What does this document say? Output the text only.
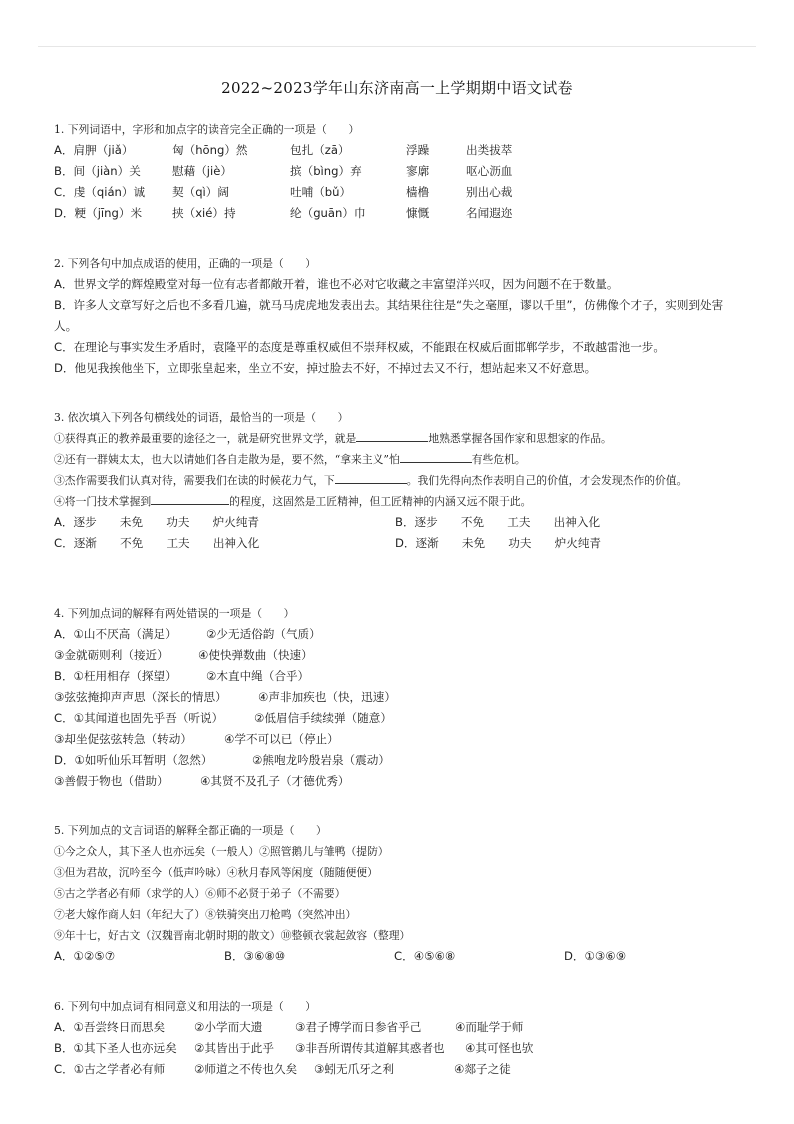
2022~2023学年山东济南高一上学期期中语文试卷
1. 下列词语中，字形和加点字的读音完全正确的一项是（　　）
A．肩胛（jiǎ）	匈（hōng）然	包扎（zā）	浮躁	出类拔萃
B．间（jiàn）关	慰藉（jiè）	摈（bìng）弃	寥廓	呕心沥血
C．虔（qián）诚 契（qì）阔	吐哺（bǔ）	樯橹	别出心裁
D．粳（jīng）米	挟（xié）持	纶（guān）巾	慷慨	名闻遐迩
2. 下列各句中加点成语的使用，正确的一项是（　　）
A．世界文学的辉煌殿堂对每一位有志者都敞开着，谁也不必对它收藏之丰富望洋兴叹，因为问题不在于数量。
B．许多人文章写好之后也不多看几遍，就马马虎虎地发表出去。其结果往往是“失之毫厘，谬以千里”，仿佛像个才子，实则到处害人。
C．在理论与事实发生矛盾时，袁隆平的态度是尊重权威但不崇拜权威，不能跟在权威后面邯郸学步，不敢越雷池一步。
D．他见我挨他坐下，立即张皇起来，坐立不安，掉过脸去不好，不掉过去又不行，想站起来又不好意思。
3. 依次填入下列各句横线处的词语，最恰当的一项是（　　）
①获得真正的教养最重要的途径之一，就是研究世界文学，就是	地熟悉掌握各国作家和思想家的作品。
②还有一群姨太太，也大以请她们各自走散为是，要不然，“拿来主义”怕	有些危机。
③杰作需要我们认真对待，需要我们在读的时候花力气，下	。我们先得向杰作表明自己的价值，才会发现杰作的价值。
④将一门技术掌握到	的程度，这固然是工匠精神，但工匠精神的内涵又远不限于此。
A．逐步　　未免　　功夫　　炉火纯青	B．逐步　　不免　　工夫　　出神入化
C．逐渐　　不免　　工夫　　出神入化	D．逐渐　　未免　　功夫　　炉火纯青
4. 下列加点词的解释有两处错误的一项是（　　）
A．①山不厌高（满足）	②少无适俗韵（气质）
③金就砺则利（接近）	④使快弹数曲（快速）
B．①枉用相存（探望）	②木直中绳（合乎）
③弦弦掩抑声声思（深长的情思）	④声非加疾也（快，迅速）
C．①其闻道也固先乎吾（听说）	②低眉信手续续弹（随意）
③却坐促弦弦转急（转动）	④学不可以已（停止）
D．①如听仙乐耳暂明（忽然）	②熊咆龙吟殷岩泉（震动）
③善假于物也（借助）	④其贤不及孔子（才德优秀）
5. 下列加点的文言词语的解释全都正确的一项是（　　）
①今之众人，其下圣人也亦远矣（一般人）②照管鹅儿与雏鸭（提防）
③但为君故，沉吟至今（低声吟咏）④秋月春风等闲度（随随便便）
⑤古之学者必有师（求学的人）⑥师不必贤于弟子（不需要）
⑦老大嫁作商人妇（年纪大了）⑧铁骑突出刀枪鸣（突然冲出）
⑨年十七，好古文（汉魏晋南北朝时期的散文）⑩整顿衣裳起敛容（整理）
A．①②⑤⑦	B．③⑥⑧⑩	C．④⑤⑥⑧	D．①③⑥⑨
6. 下列句中加点词有相同意义和用法的一项是（　　）
A．①吾尝终日而思矣 ②小学而大遗	③君子博学而日参省乎己	④而耻学于师
B．①其下圣人也亦远矣 ②其皆出于此乎 ③非吾所谓传其道解其惑者也 ④其可怪也欤
C．①古之学者必有师 ②师道之不传也久矣 ③蚓无爪牙之利	④郯子之徒
